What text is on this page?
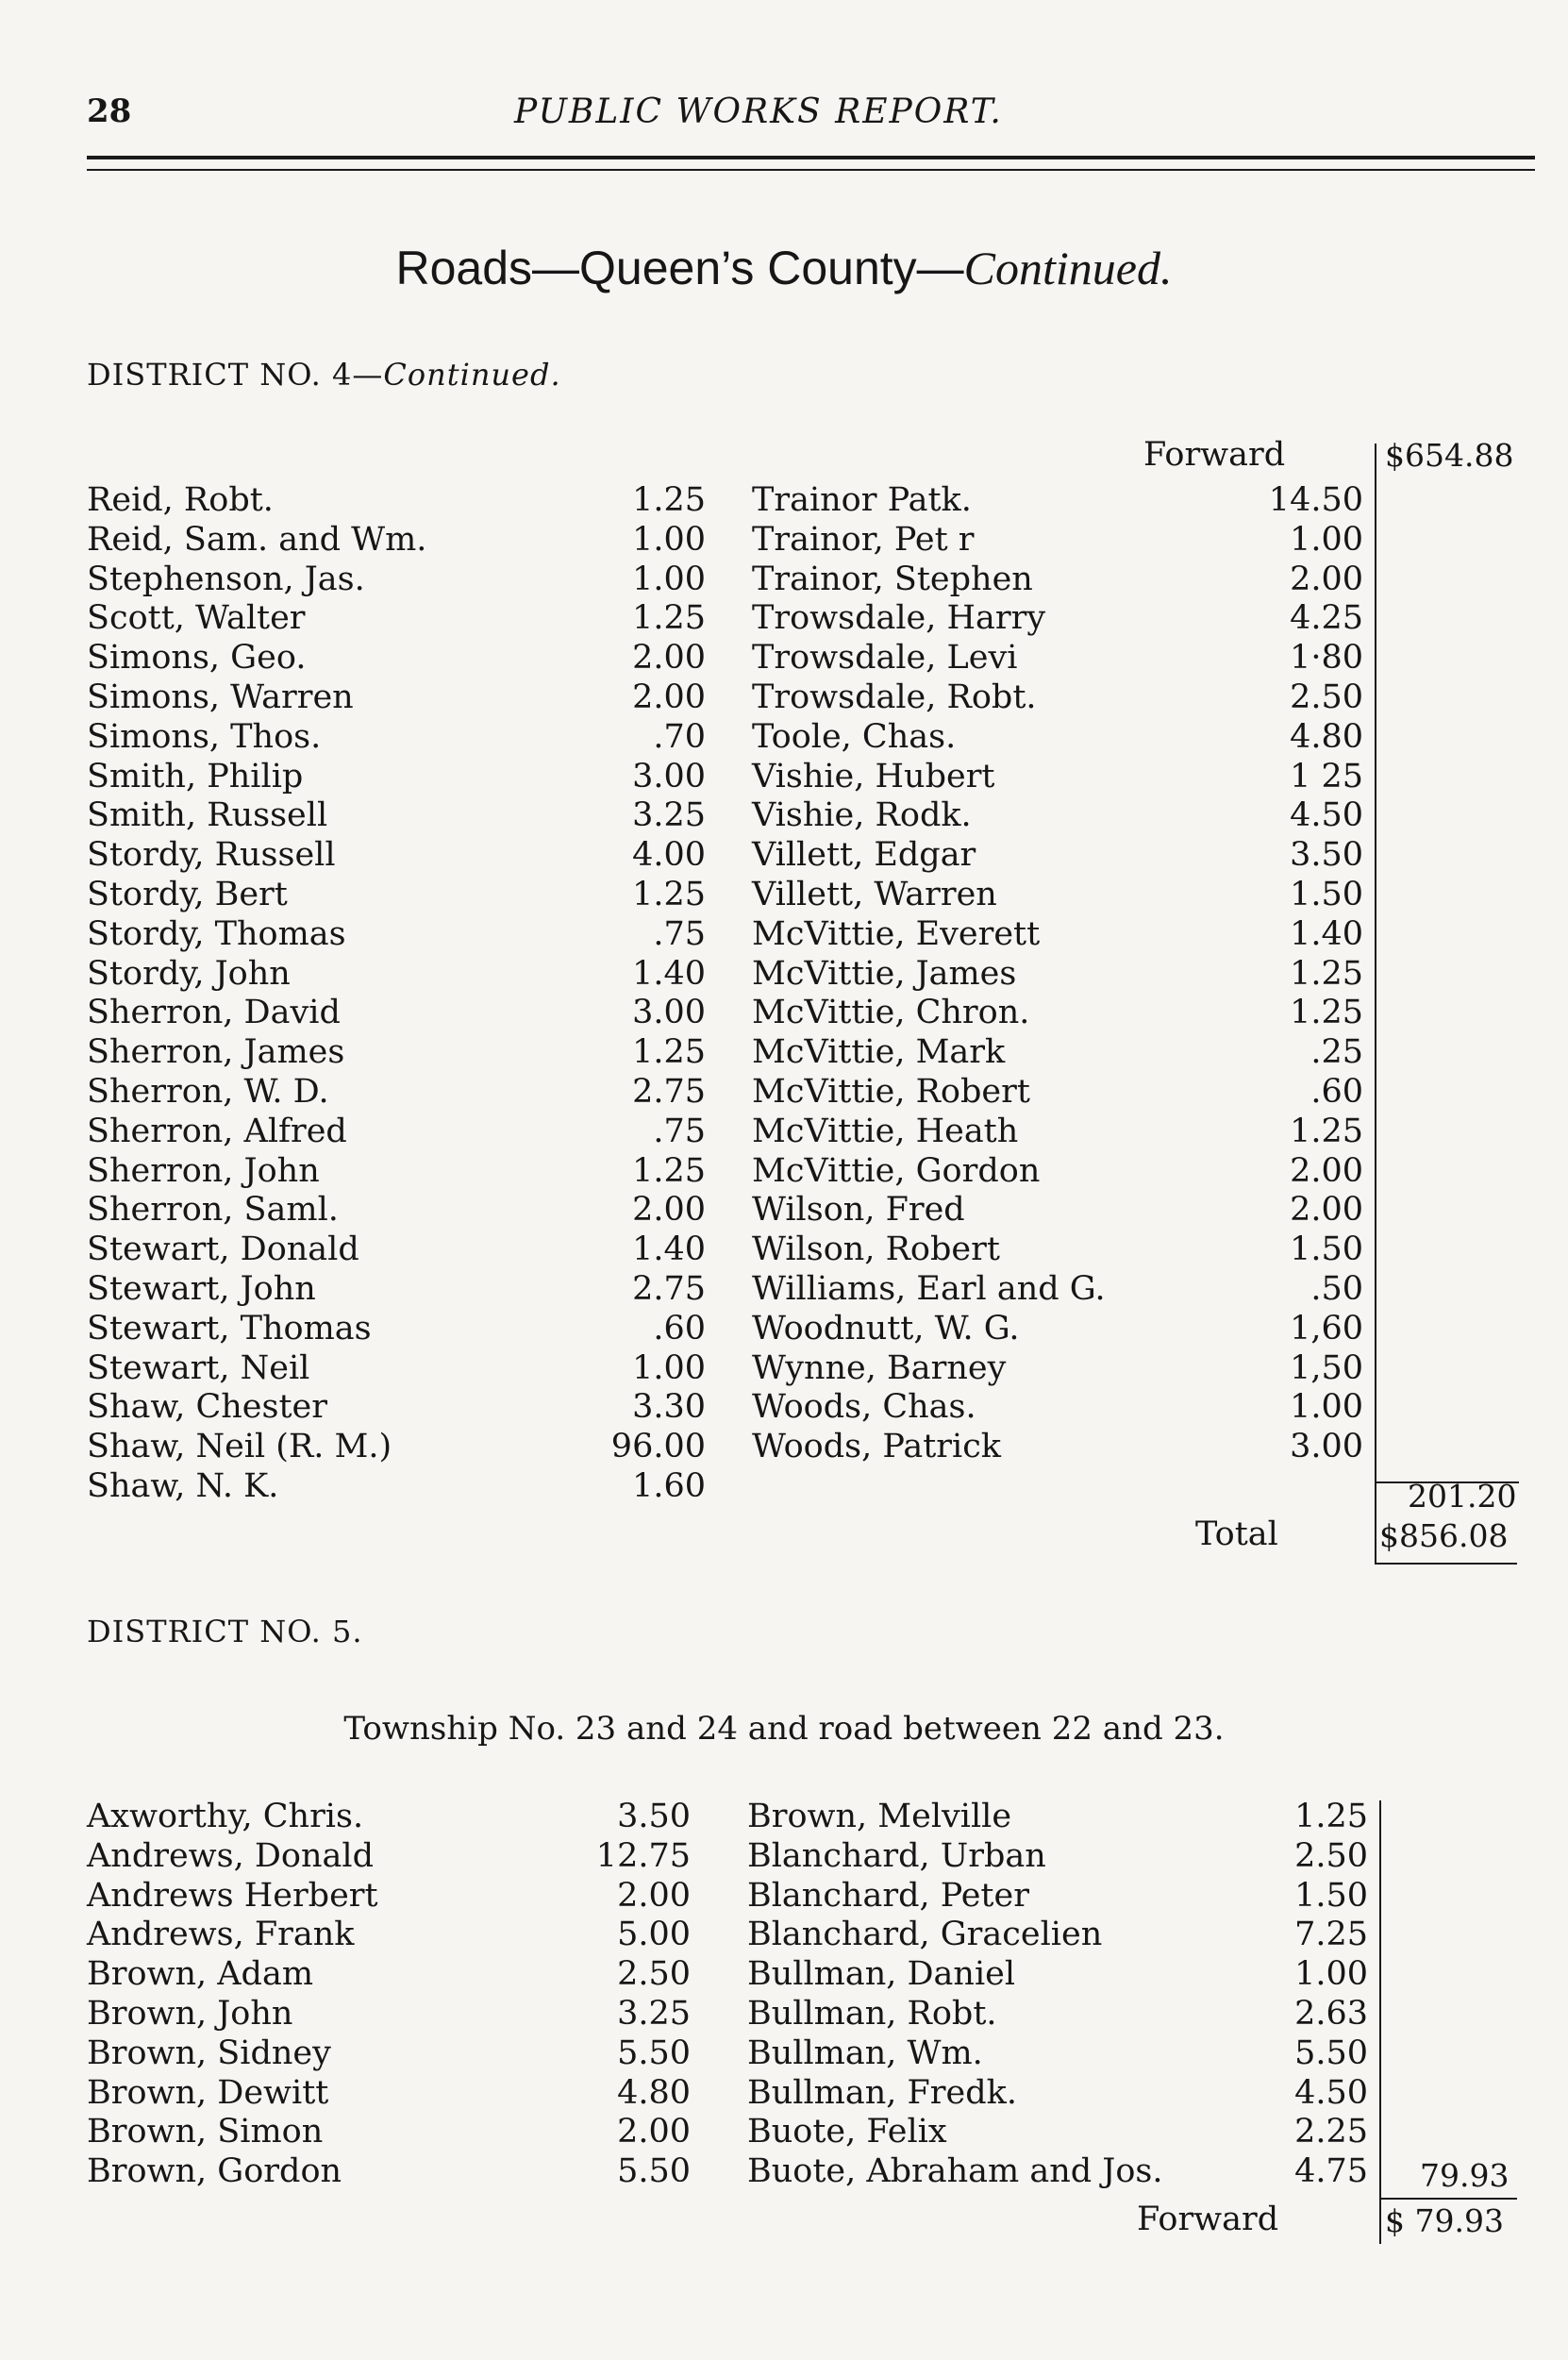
28	PUBLIC WORKS REPORT.
Roads—Queen’s County—Continued.
DISTRICT NO. 4—Continued.
Forward	$654.88
Reid, Robt.	1.25
Reid, Sam. and Wm.	1.00
Stephenson, Jas.	1.00
Scott, Walter	1.25
Simons, Geo.	2.00
Simons, Warren	2.00
Simons, Thos.	.70
Smith, Philip	3.00
Smith, Russell	3.25
Stordy, Russell	4.00
Stordy, Bert	1.25
Stordy, Thomas	.75
Stordy, John	1.40
Sherron, David	3.00
Sherron, James	1.25
Sherron, W. D.	2.75
Sherron, Alfred	.75
Sherron, John	1.25
Sherron, Saml.	2.00
Stewart, Donald	1.40
Stewart, John	2.75
Stewart, Thomas	.60
Stewart, Neil	1.00
Shaw, Chester	3.30
Shaw, Neil (R. M.)	96.00
Shaw, N. K.	1.60
Trainor Patk.	14.50
Trainor, Pet r	1.00
Trainor, Stephen	2.00
Trowsdale, Harry	4.25
Trowsdale, Levi	1·80
Trowsdale, Robt.	2.50
Toole, Chas.	4.80
Vishie, Hubert	1 25
Vishie, Rodk.	4.50
Villett, Edgar	3.50
Villett, Warren	1.50
McVittie, Everett	1.40
McVittie, James	1.25
McVittie, Chron.	1.25
McVittie, Mark	.25
McVittie, Robert	.60
McVittie, Heath	1.25
McVittie, Gordon	2.00
Wilson, Fred	2.00
Wilson, Robert	1.50
Williams, Earl and G.	.50
Woodnutt, W. G.	1,60
Wynne, Barney	1,50
Woods, Chas.	1.00
Woods, Patrick	3.00
201.20
Total	$856.08
DISTRICT NO. 5.
Township No. 23 and 24 and road between 22 and 23.
Axworthy, Chris.	3.50
Andrews, Donald	12.75
Andrews Herbert	2.00
Andrews, Frank	5.00
Brown, Adam	2.50
Brown, John	3.25
Brown, Sidney	5.50
Brown, Dewitt	4.80
Brown, Simon	2.00
Brown, Gordon	5.50
Brown, Melville	1.25
Blanchard, Urban	2.50
Blanchard, Peter	1.50
Blanchard, Gracelien	7.25
Bullman, Daniel	1.00
Bullman, Robt.	2.63
Bullman, Wm.	5.50
Bullman, Fredk.	4.50
Buote, Felix	2.25
Buote, Abraham and Jos.	4.75 79.93
Forward	$ 79.93
